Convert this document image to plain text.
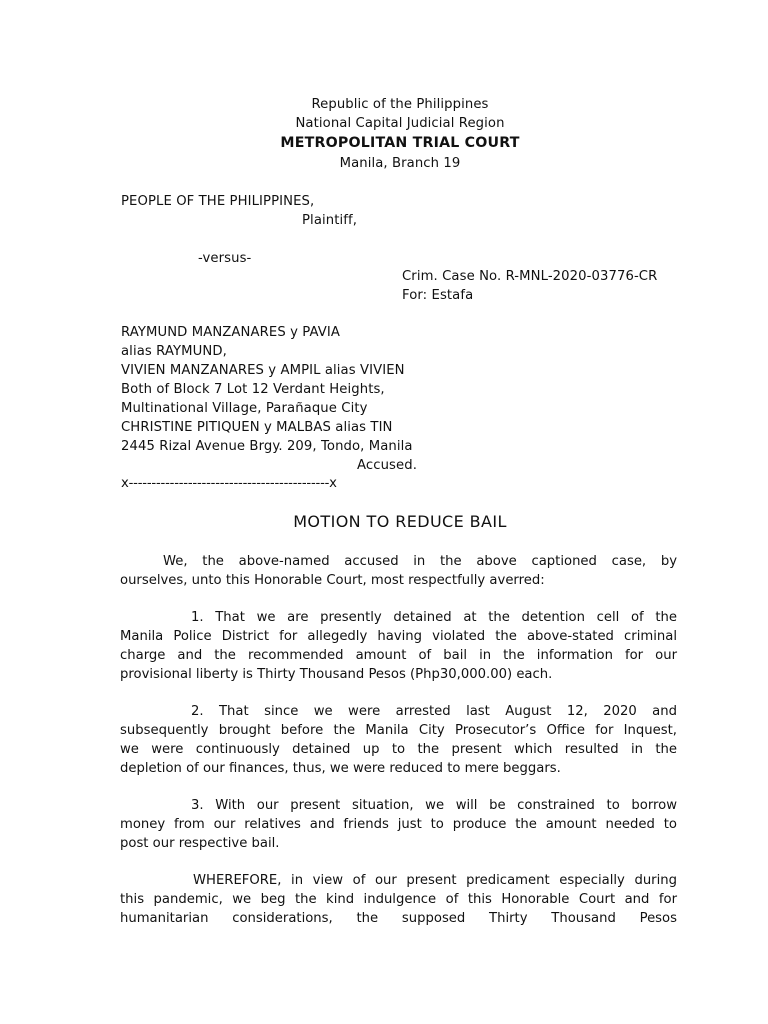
Republic of the Philippines
National Capital Judicial Region
METROPOLITAN TRIAL COURT
Manila, Branch 19
PEOPLE OF THE PHILIPPINES,
Plaintiff,
-versus-
Crim. Case No. R-MNL-2020-03776-CR
For: Estafa
RAYMUND MANZANARES y PAVIA
alias RAYMUND,
VIVIEN MANZANARES y AMPIL alias VIVIEN
Both of Block 7 Lot 12 Verdant Heights,
Multinational Village, Parañaque City
CHRISTINE PITIQUEN y MALBAS alias TIN
2445 Rizal Avenue Brgy. 209, Tondo, Manila
Accused.
x--------------------------------------------x
MOTION TO REDUCE BAIL
We, the above-named accused in the above captioned case, by
ourselves, unto this Honorable Court, most respectfully averred:
1. That we are presently detained at the detention cell of the
Manila Police District for allegedly having violated the above-stated criminal
charge and the recommended amount of bail in the information for our
provisional liberty is Thirty Thousand Pesos (Php30,000.00) each.
2. That since we were arrested last August 12, 2020 and
subsequently brought before the Manila City Prosecutor’s Office for Inquest,
we were continuously detained up to the present which resulted in the
depletion of our finances, thus, we were reduced to mere beggars.
3. With our present situation, we will be constrained to borrow
money from our relatives and friends just to produce the amount needed to
post our respective bail.
WHEREFORE, in view of our present predicament especially during
this pandemic, we beg the kind indulgence of this Honorable Court and for
humanitarian considerations, the supposed Thirty Thousand Pesos
